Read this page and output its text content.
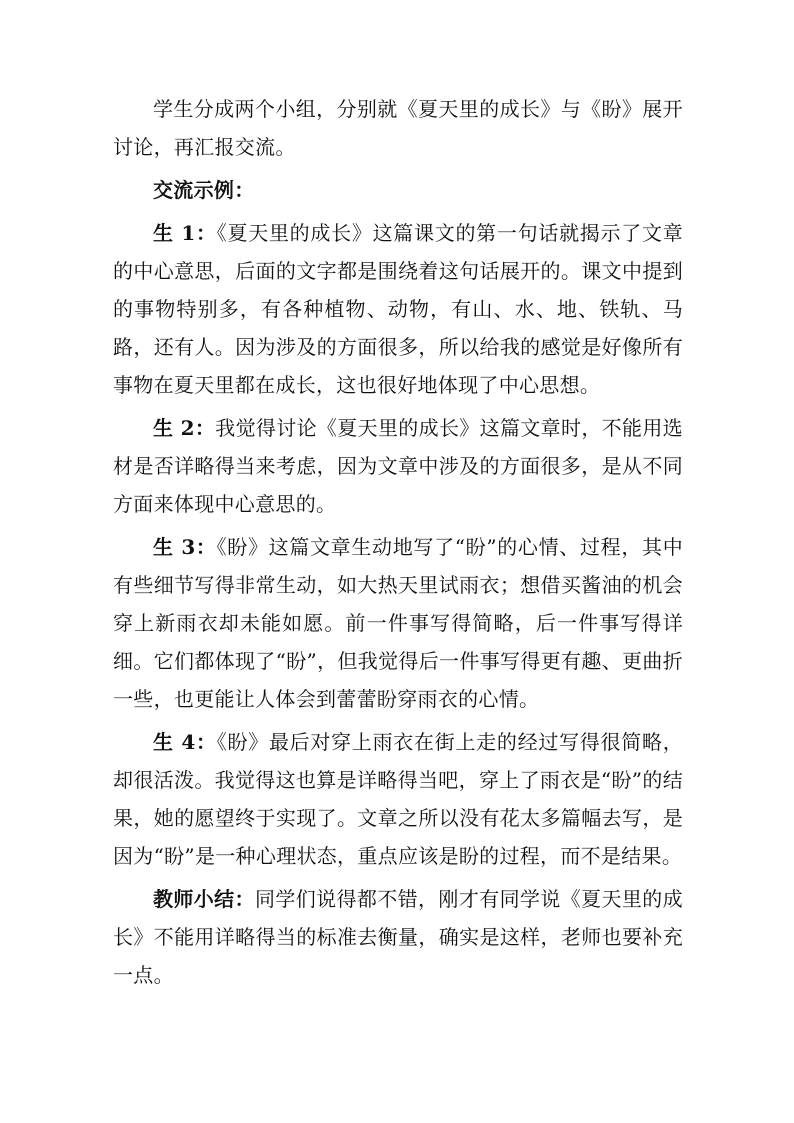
学生分成两个小组，分别就《夏天里的成长》与《盼》展开讨论，再汇报交流。

交流示例：

生 1：《夏天里的成长》这篇课文的第一句话就揭示了文章的中心意思，后面的文字都是围绕着这句话展开的。课文中提到的事物特别多，有各种植物、动物，有山、水、地、铁轨、马路，还有人。因为涉及的方面很多，所以给我的感觉是好像所有事物在夏天里都在成长，这也很好地体现了中心思想。

生 2：我觉得讨论《夏天里的成长》这篇文章时，不能用选材是否详略得当来考虑，因为文章中涉及的方面很多，是从不同方面来体现中心意思的。

生 3：《盼》这篇文章生动地写了“盼”的心情、过程，其中有些细节写得非常生动，如大热天里试雨衣；想借买酱油的机会穿上新雨衣却未能如愿。前一件事写得简略，后一件事写得详细。它们都体现了“盼”，但我觉得后一件事写得更有趣、更曲折一些，也更能让人体会到蕾蕾盼穿雨衣的心情。

生 4：《盼》最后对穿上雨衣在街上走的经过写得很简略，却很活泼。我觉得这也算是详略得当吧，穿上了雨衣是“盼”的结果，她的愿望终于实现了。文章之所以没有花太多篇幅去写，是因为“盼”是一种心理状态，重点应该是盼的过程，而不是结果。

教师小结：同学们说得都不错，刚才有同学说《夏天里的成长》不能用详略得当的标准去衡量，确实是这样，老师也要补充一点。
